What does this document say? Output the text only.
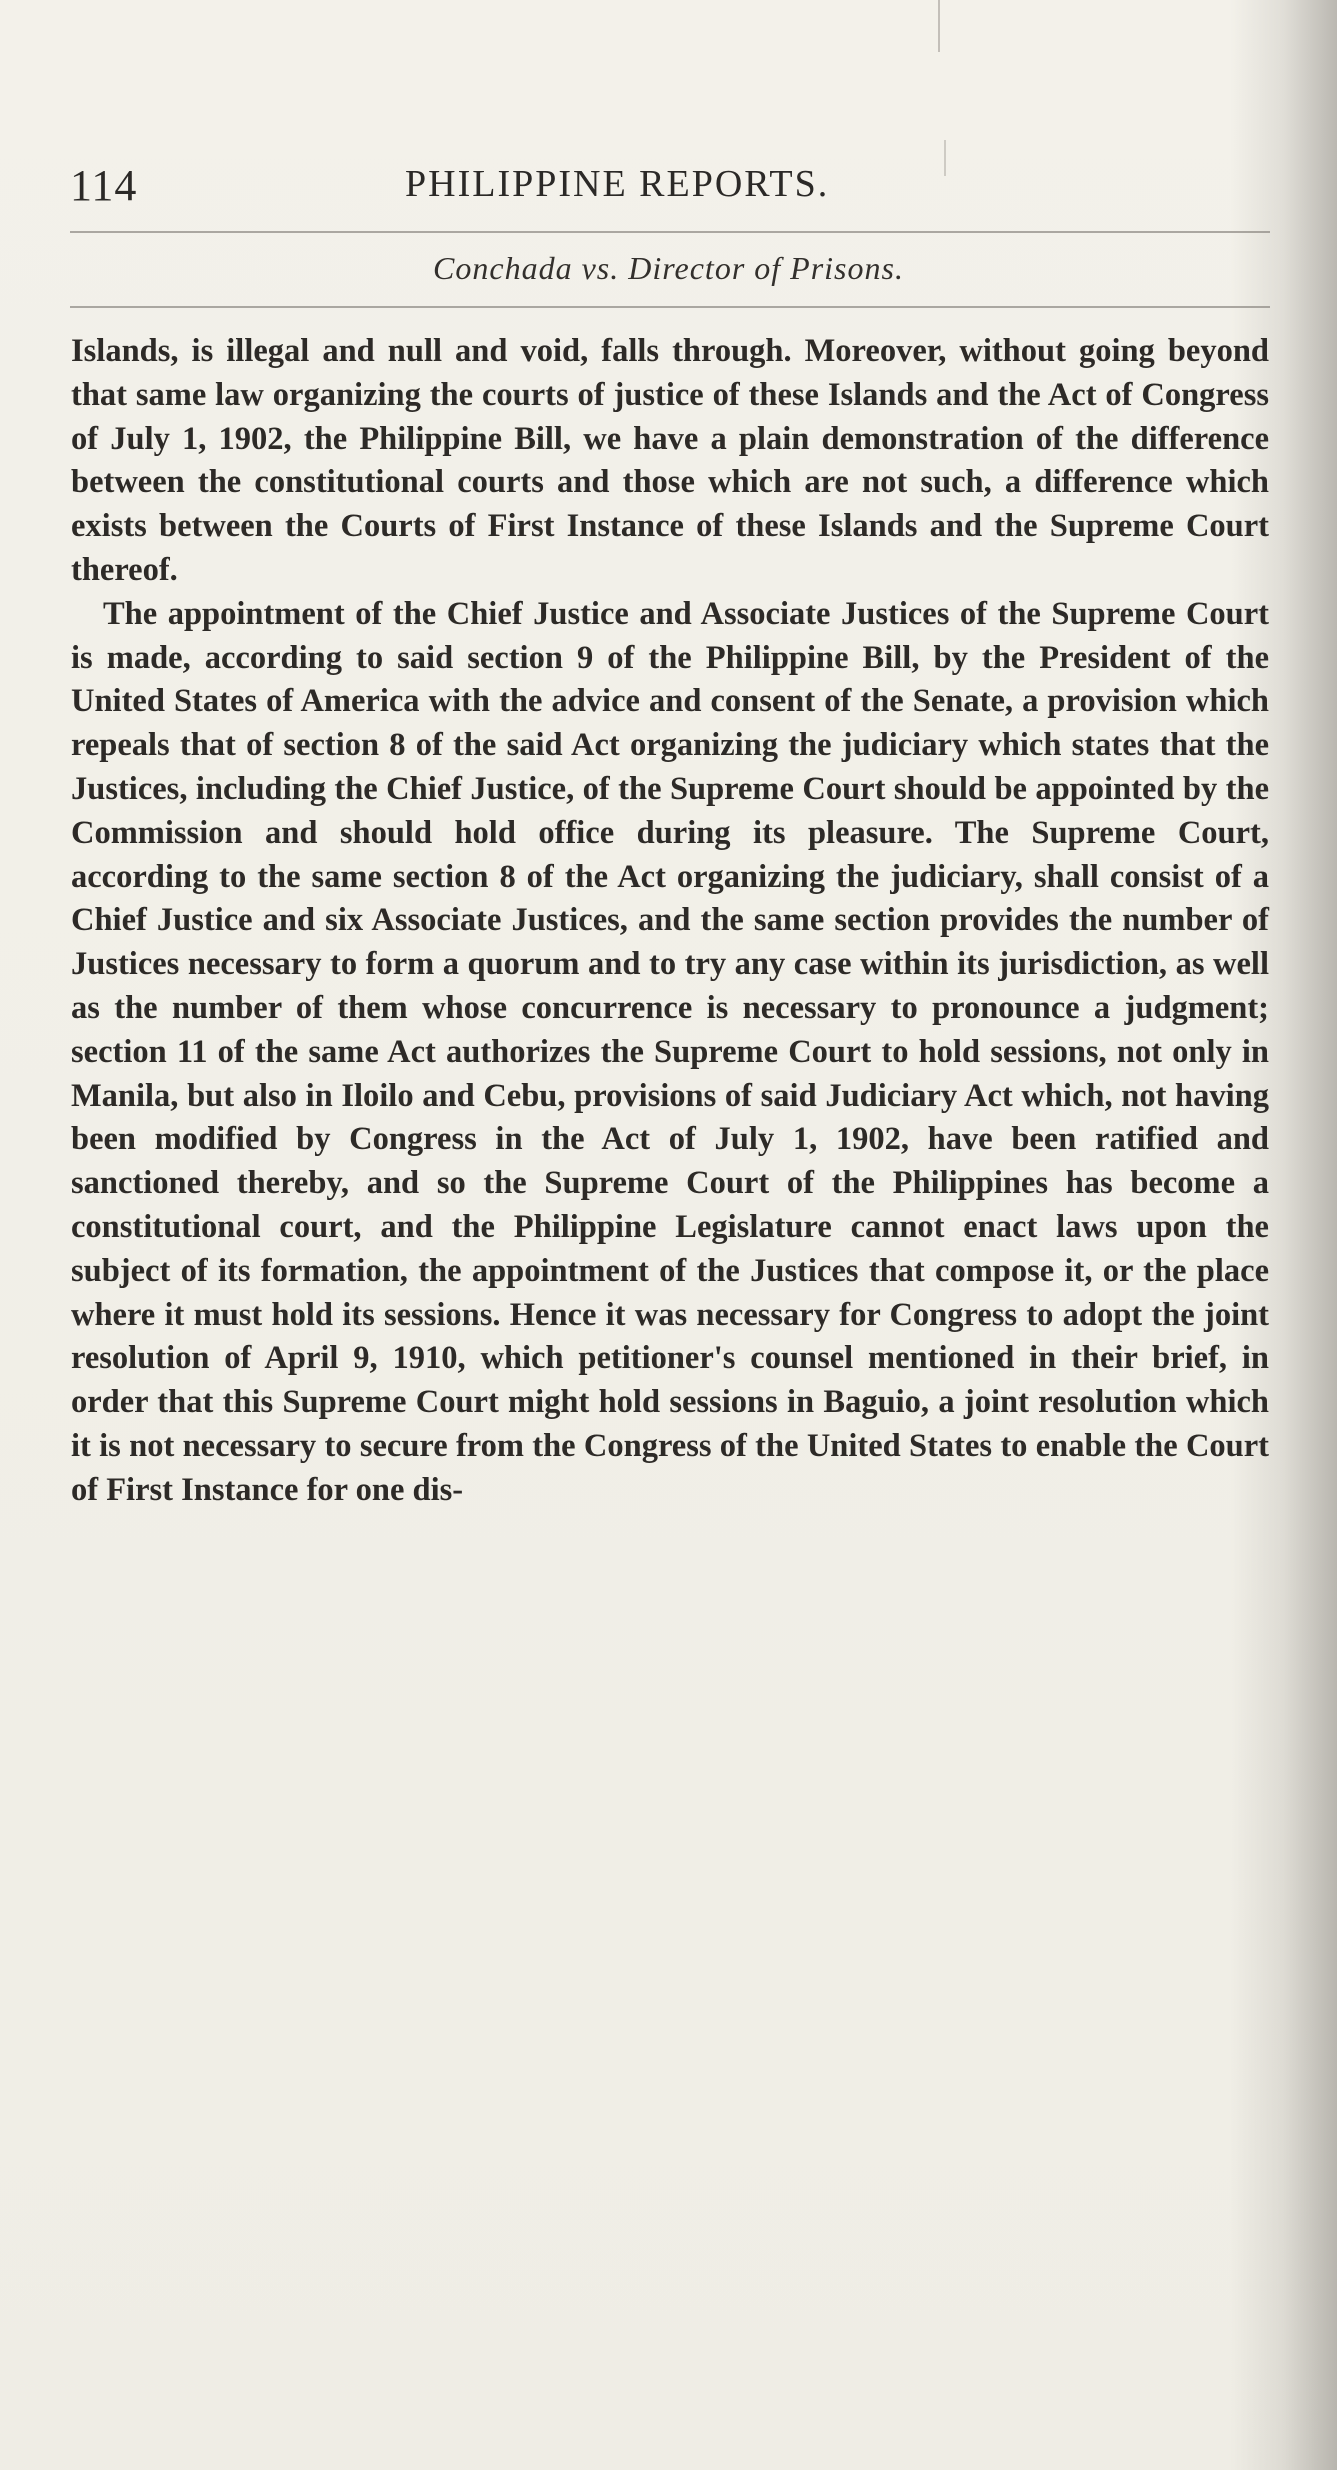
114	PHILIPPINE REPORTS.
Conchada vs. Director of Prisons.

Islands, is illegal and null and void, falls through. Moreover, without going beyond that same law organizing the courts of justice of these Islands and the Act of Congress of July 1, 1902, the Philippine Bill, we have a plain demonstration of the difference between the constitutional courts and those which are not such, a difference which exists between the Courts of First Instance of these Islands and the Supreme Court thereof.

The appointment of the Chief Justice and Associate Justices of the Supreme Court is made, according to said section 9 of the Philippine Bill, by the President of the United States of America with the advice and consent of the Senate, a provision which repeals that of section 8 of the said Act organizing the judiciary which states that the Justices, including the Chief Justice, of the Supreme Court should be appointed by the Commission and should hold office during its pleasure. The Supreme Court, according to the same section 8 of the Act organizing the judiciary, shall consist of a Chief Justice and six Associate Justices, and the same section provides the number of Justices necessary to form a quorum and to try any case within its jurisdiction, as well as the number of them whose concurrence is necessary to pronounce a judgment; section 11 of the same Act authorizes the Supreme Court to hold sessions, not only in Manila, but also in Iloilo and Cebu, provisions of said Judiciary Act which, not having been modified by Congress in the Act of July 1, 1902, have been ratified and sanctioned thereby, and so the Supreme Court of the Philippines has become a constitutional court, and the Philippine Legislature cannot enact laws upon the subject of its formation, the appointment of the Justices that compose it, or the place where it must hold its sessions. Hence it was necessary for Congress to adopt the joint resolution of April 9, 1910, which petitioner's counsel mentioned in their brief, in order that this Supreme Court might hold sessions in Baguio, a joint resolution which it is not necessary to secure from the Congress of the United States to enable the Court of First Instance for one dis-
